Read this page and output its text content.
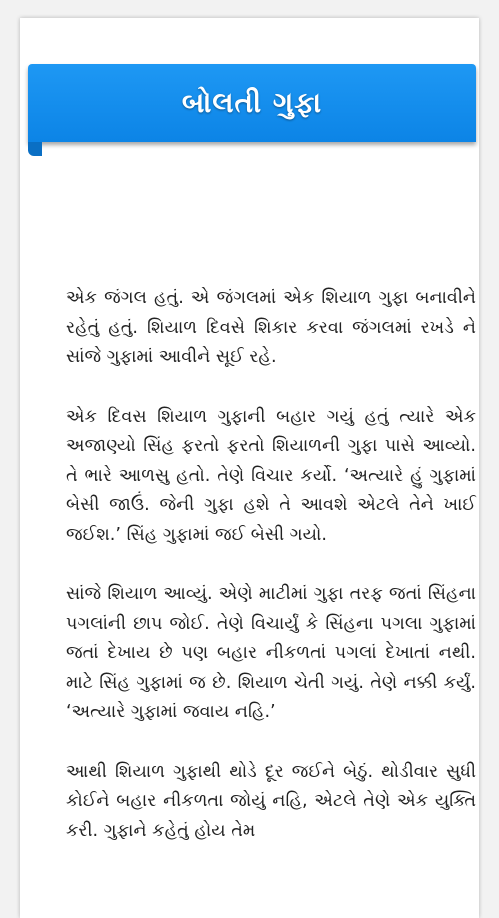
બોલતી ગુફા

એક જંગલ હતું. એ જંગલમાં એક શિયાળ ગુફા બનાવીને રહેતું હતું. શિયાળ દિવસે શિકાર કરવા જંગલમાં રખડે ને સાંજે ગુફામાં આવીને સૂઈ રહે.

એક દિવસ શિયાળ ગુફાની બહાર ગયું હતું ત્યારે એક અજાણ્યો સિંહ ફરતો ફરતો શિયાળની ગુફા પાસે આવ્યો. તે ભારે આળસુ હતો. તેણે વિચાર કર્યો. ‘અત્યારે હું ગુફામાં બેસી જાઉં. જેની ગુફા હશે તે આવશે એટલે તેને ખાઈ જઈશ.’ સિંહ ગુફામાં જઈ બેસી ગયો.

સાંજે શિયાળ આવ્યું. એણે માટીમાં ગુફા તરફ જતાં સિંહના પગલાંની છાપ જોઈ. તેણે વિચાર્યું કે સિંહના પગલા ગુફામાં જતાં દેખાય છે પણ બહાર નીકળતાં પગલાં દેખાતાં નથી. માટે સિંહ ગુફામાં જ છે. શિયાળ ચેતી ગયું. તેણે નક્કી કર્યું. ‘અત્યારે ગુફામાં જવાય નહિ.’

આથી શિયાળ ગુફાથી થોડે દૂર જઈને બેઠું. થોડીવાર સુધી કોઈને બહાર નીકળતા જોયું નહિ, એટલે તેણે એક યુક્તિ કરી. ગુફાને કહેતું હોય તેમ
